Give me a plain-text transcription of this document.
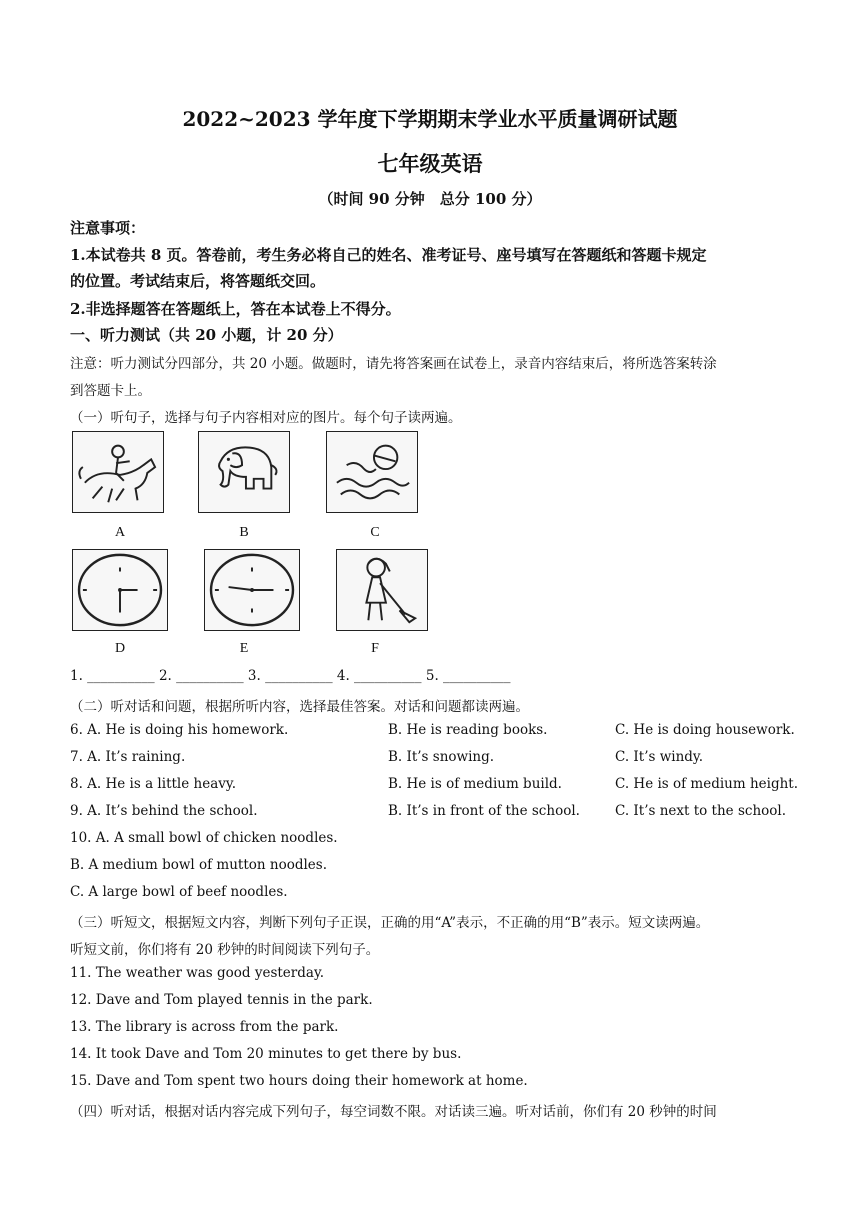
2022~2023 学年度下学期期末学业水平质量调研试题
七年级英语
（时间 90 分钟　总分 100 分）
注意事项：
1.本试卷共 8 页。答卷前，考生务必将自己的姓名、准考证号、座号填写在答题纸和答题卡规定
的位置。考试结束后，将答题纸交回。
2.非选择题答在答题纸上，答在本试卷上不得分。
一、听力测试（共 20 小题，计 20 分）
注意：听力测试分四部分，共 20 小题。做题时，请先将答案画在试卷上，录音内容结束后，将所选答案转涂
到答题卡上。
（一）听句子，选择与句子内容相对应的图片。每个句子读两遍。
A	B	C
D	E	F
1. __________ 2. __________ 3. __________ 4. __________ 5. __________
（二）听对话和问题，根据所听内容，选择最佳答案。对话和问题都读两遍。
6. A. He is doing his homework.	B. He is reading books.	C. He is doing housework.
7. A. It’s raining.	B. It’s snowing.	C. It’s windy.
8. A. He is a little heavy.	B. He is of medium build.	C. He is of medium height.
9. A. It’s behind the school.	B. It’s in front of the school.	C. It’s next to the school.
10. A. A small bowl of chicken noodles.
B. A medium bowl of mutton noodles.
C. A large bowl of beef noodles.
（三）听短文，根据短文内容，判断下列句子正误，正确的用“A”表示，不正确的用“B”表示。短文读两遍。
听短文前，你们将有 20 秒钟的时间阅读下列句子。
11. The weather was good yesterday.
12. Dave and Tom played tennis in the park.
13. The library is across from the park.
14. It took Dave and Tom 20 minutes to get there by bus.
15. Dave and Tom spent two hours doing their homework at home.
（四）听对话，根据对话内容完成下列句子，每空词数不限。对话读三遍。听对话前，你们有 20 秒钟的时间
